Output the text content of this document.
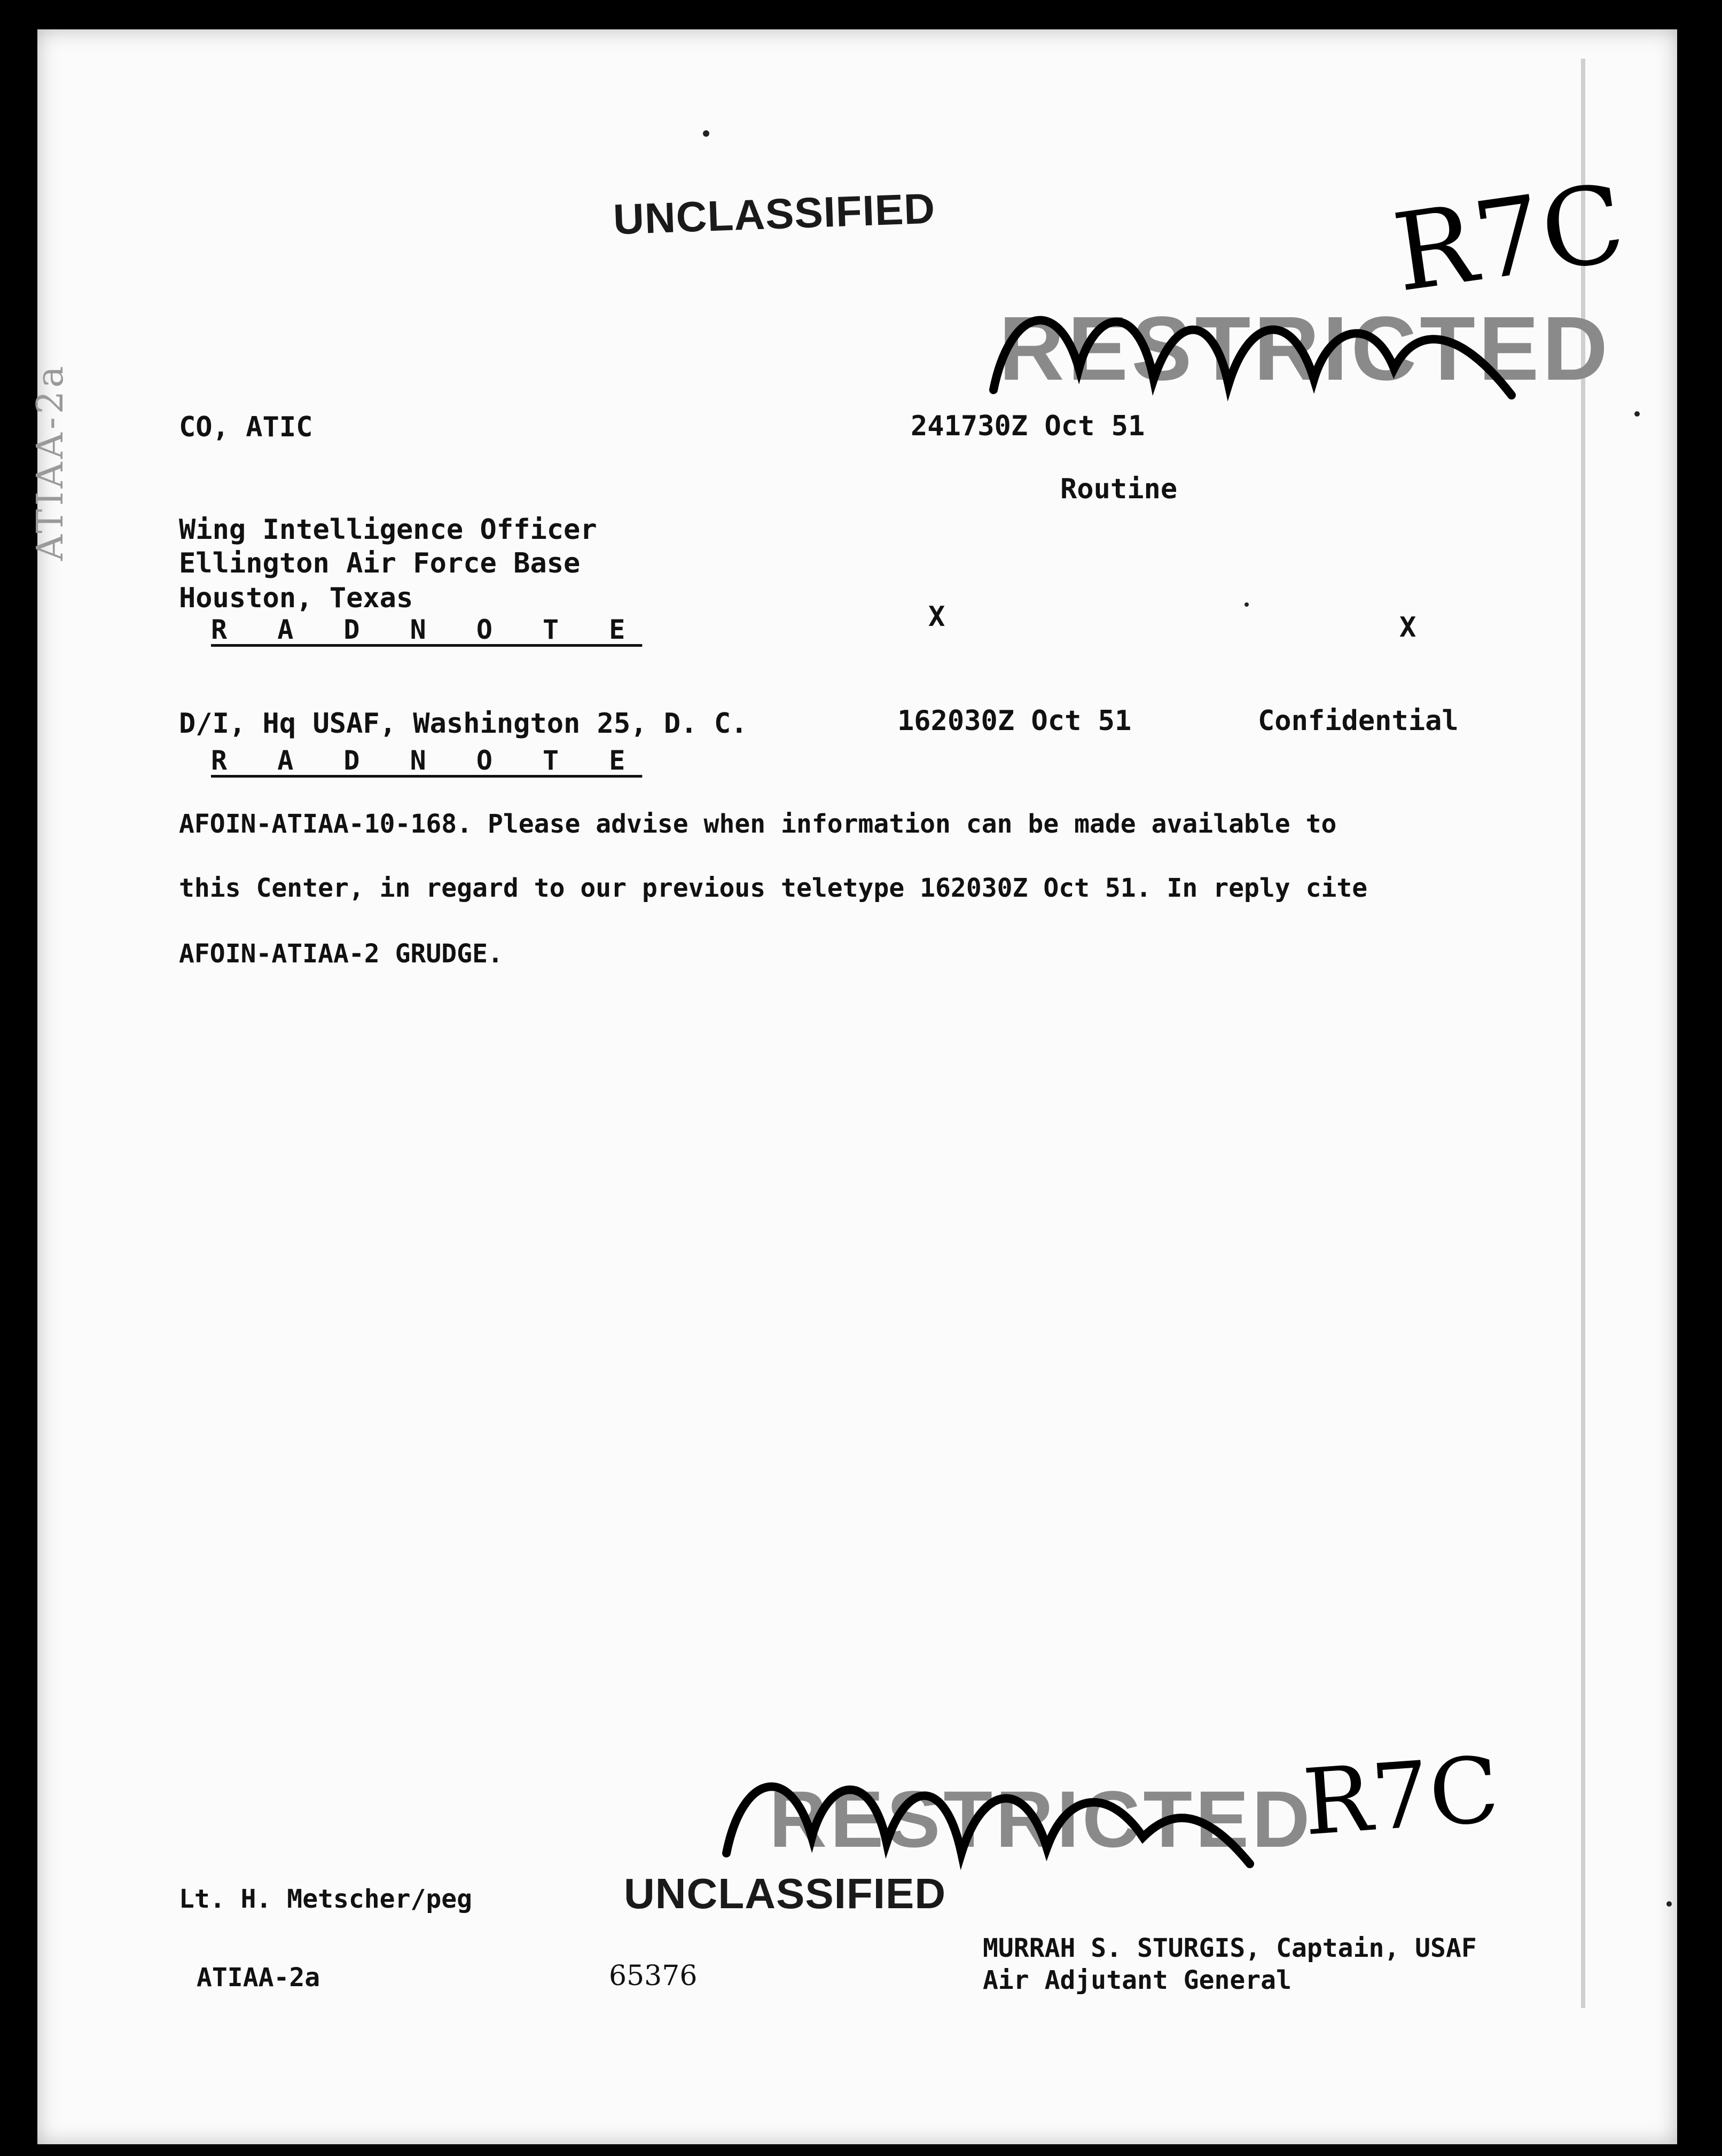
ATIAA-2a
UNCLASSIFIED
RESTRICTED
R7C
CO, ATIC	241730Z Oct 51
Routine
Wing Intelligence Officer
Ellington Air Force Base
Houston, Texas
R A D N O T E	X	X
D/I, Hq USAF, Washington 25, D. C.	162030Z Oct 51	Confidential
R A D N O T E
AFOIN-ATIAA-10-168. Please advise when information can be made available to
this Center, in regard to our previous teletype 162030Z Oct 51. In reply cite
AFOIN-ATIAA-2 GRUDGE.
RESTRICTED
R7C
UNCLASSIFIED
Lt. H. Metscher/peg
ATIAA-2a	65376
MURRAH S. STURGIS, Captain, USAF
Air Adjutant General
